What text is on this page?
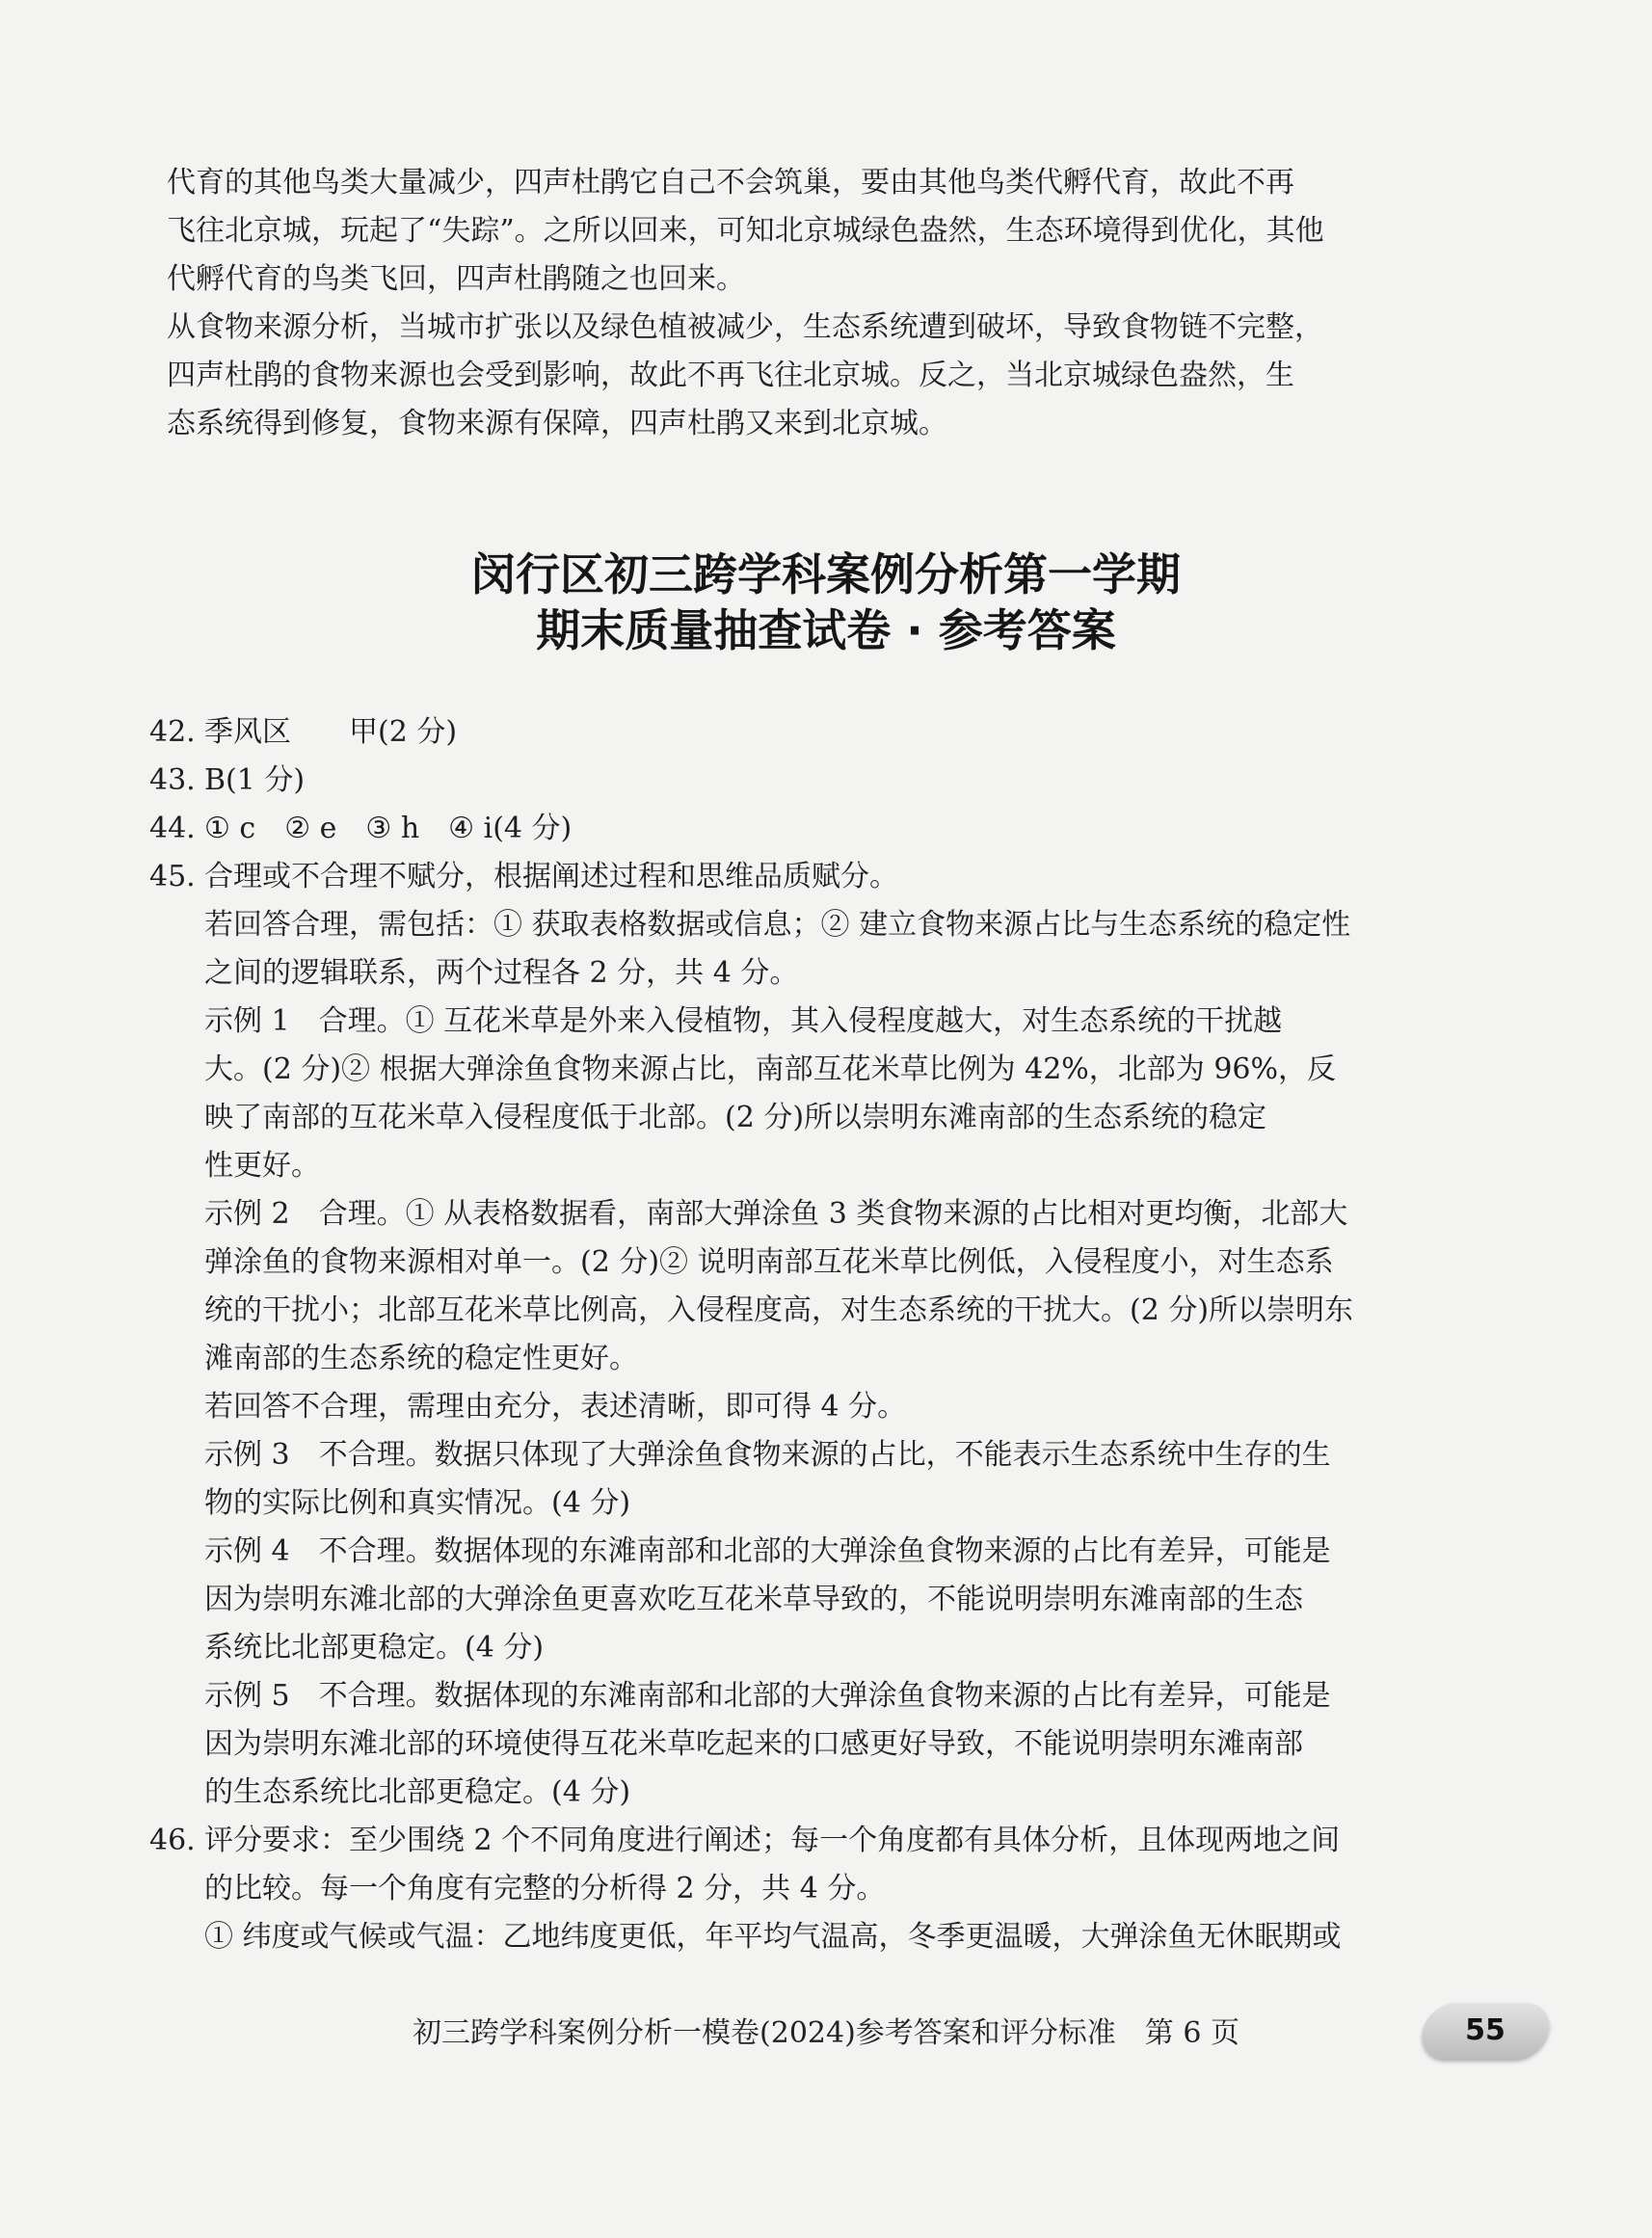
代育的其他鸟类大量减少，四声杜鹃它自己不会筑巢，要由其他鸟类代孵代育，故此不再
飞往北京城，玩起了“失踪”。之所以回来，可知北京城绿色盎然，生态环境得到优化，其他
代孵代育的鸟类飞回，四声杜鹃随之也回来。
从食物来源分析，当城市扩张以及绿色植被减少，生态系统遭到破坏，导致食物链不完整，
四声杜鹃的食物来源也会受到影响，故此不再飞往北京城。反之，当北京城绿色盎然，生
态系统得到修复，食物来源有保障，四声杜鹃又来到北京城。
闵行区初三跨学科案例分析第一学期
期末质量抽查试卷 · 参考答案
42. 季风区　　甲(2 分)
43. B(1 分)
44. ① c　② e　③ h　④ i(4 分)
45. 合理或不合理不赋分，根据阐述过程和思维品质赋分。
若回答合理，需包括：① 获取表格数据或信息；② 建立食物来源占比与生态系统的稳定性
之间的逻辑联系，两个过程各 2 分，共 4 分。
示例 1　合理。① 互花米草是外来入侵植物，其入侵程度越大，对生态系统的干扰越
大。(2 分)② 根据大弹涂鱼食物来源占比，南部互花米草比例为 42%，北部为 96%，反
映了南部的互花米草入侵程度低于北部。(2 分)所以崇明东滩南部的生态系统的稳定
性更好。
示例 2　合理。① 从表格数据看，南部大弹涂鱼 3 类食物来源的占比相对更均衡，北部大
弹涂鱼的食物来源相对单一。(2 分)② 说明南部互花米草比例低，入侵程度小，对生态系
统的干扰小；北部互花米草比例高，入侵程度高，对生态系统的干扰大。(2 分)所以崇明东
滩南部的生态系统的稳定性更好。
若回答不合理，需理由充分，表述清晰，即可得 4 分。
示例 3　不合理。数据只体现了大弹涂鱼食物来源的占比，不能表示生态系统中生存的生
物的实际比例和真实情况。(4 分)
示例 4　不合理。数据体现的东滩南部和北部的大弹涂鱼食物来源的占比有差异，可能是
因为崇明东滩北部的大弹涂鱼更喜欢吃互花米草导致的，不能说明崇明东滩南部的生态
系统比北部更稳定。(4 分)
示例 5　不合理。数据体现的东滩南部和北部的大弹涂鱼食物来源的占比有差异，可能是
因为崇明东滩北部的环境使得互花米草吃起来的口感更好导致，不能说明崇明东滩南部
的生态系统比北部更稳定。(4 分)
46. 评分要求：至少围绕 2 个不同角度进行阐述；每一个角度都有具体分析，且体现两地之间
的比较。每一个角度有完整的分析得 2 分，共 4 分。
① 纬度或气候或气温：乙地纬度更低，年平均气温高，冬季更温暖，大弹涂鱼无休眠期或
初三跨学科案例分析一模卷(2024)参考答案和评分标准　第 6 页	55
